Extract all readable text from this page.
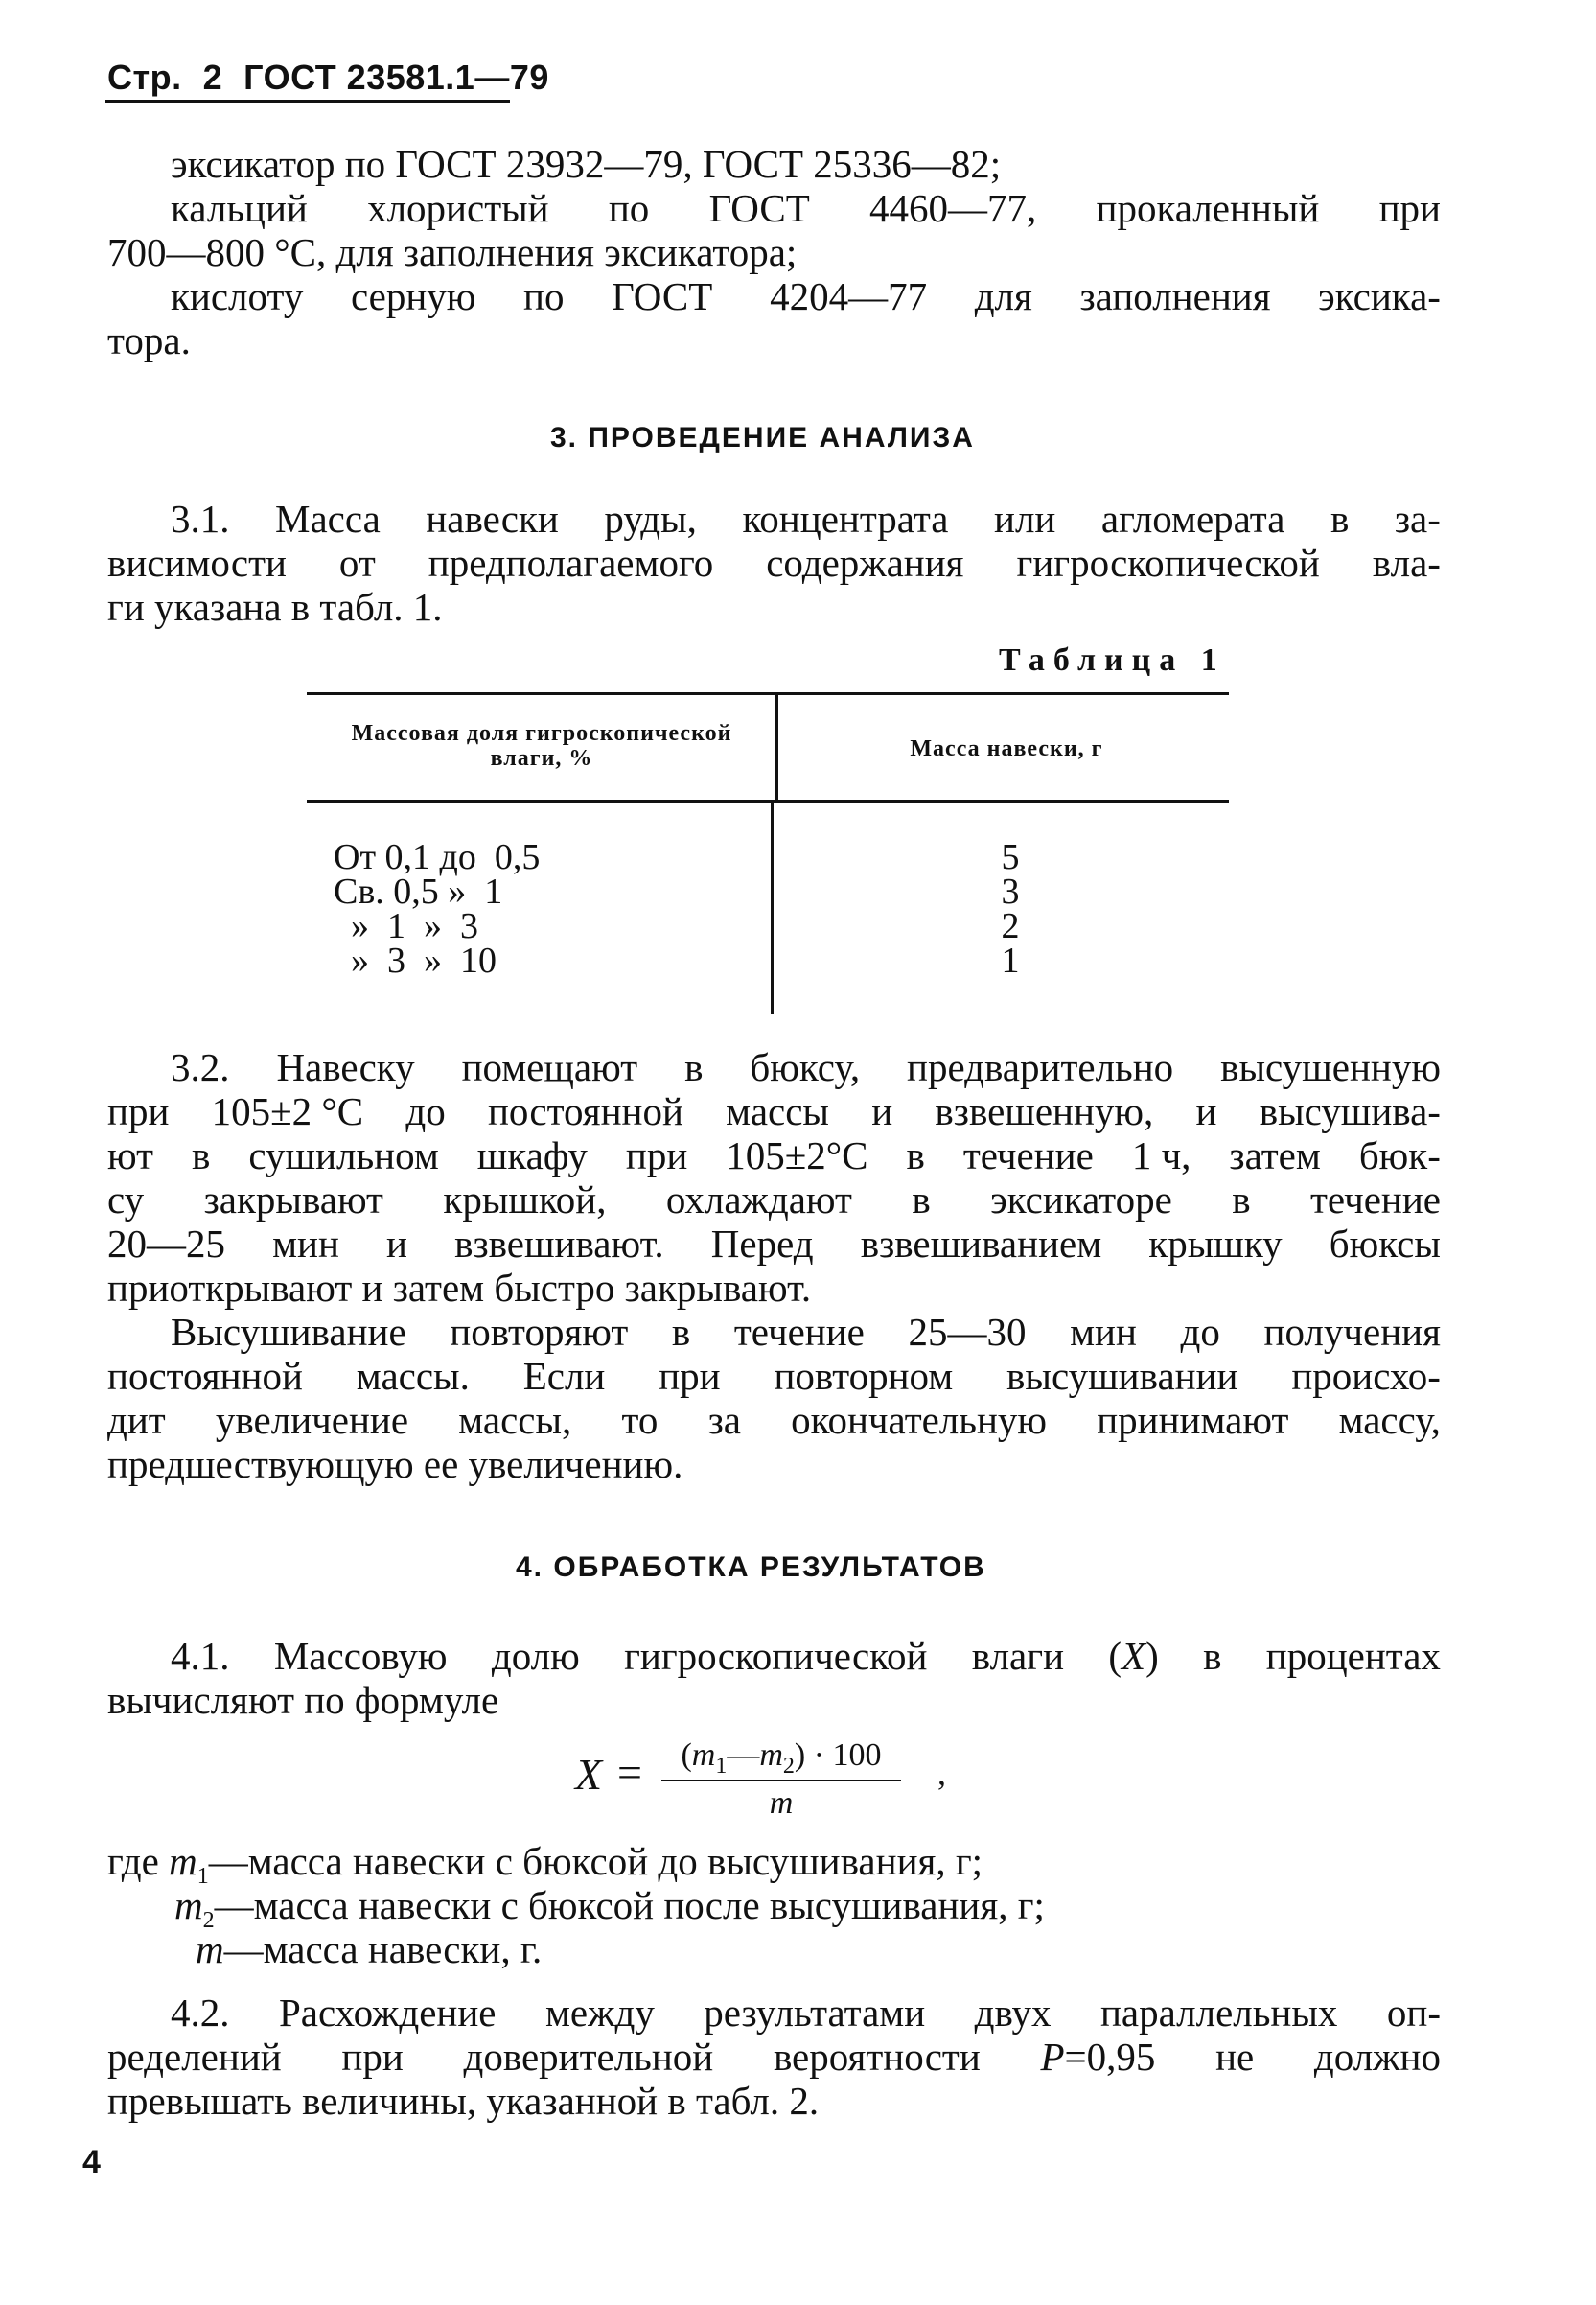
Стр. 2 ГОСТ 23581.1—79
эксикатор по ГОСТ 23932—79, ГОСТ 25336—82;
кальций хлористый по ГОСТ 4460—77, прокаленный при
700—800 °С, для заполнения эксикатора;
кислоту серную по ГОСТ 4204—77 для заполнения эксика-
тора.
3. ПРОВЕДЕНИЕ АНАЛИЗА
3.1. Масса навески руды, концентрата или агломерата в за-
висимости от предполагаемого содержания гигроскопической вла-
ги указана в табл. 1.
Таблица 1
Массовая доля гигроскопической влаги, %	Масса навески, г
От 0,1 до  0,5
Св. 0,5 »  1
»  1  »  3
»  3  »  10
5
3
2
1
3.2. Навеску помещают в бюксу, предварительно высушенную
при 105±2 °С до постоянной массы и взвешенную, и высушива-
ют в сушильном шкафу при 105±2°С в течение 1 ч, затем бюк-
су закрывают крышкой, охлаждают в эксикаторе в течение
20—25 мин и взвешивают. Перед взвешиванием крышку бюксы
приоткрывают и затем быстро закрывают.
Высушивание повторяют в течение 25—30 мин до получения
постоянной массы. Если при повторном высушивании происхо-
дит увеличение массы, то за окончательную принимают массу,
предшествующую ее увеличению.
4. ОБРАБОТКА РЕЗУЛЬТАТОВ
4.1. Массовую долю гигроскопической влаги (X) в процентах
вычисляют по формуле
X =	$(m_1—m_2) \cdot 100$
m
,
где $m_1—масса$ навески с бюксой до высушивания, г;
$m_2—масса$ навески с бюксой после высушивания, г;
m—масса навески, г.
4.2. Расхождение между результатами двух параллельных оп-
ределений при доверительной вероятности P=0,95 не должно
превышать величины, указанной в табл. 2.
4
